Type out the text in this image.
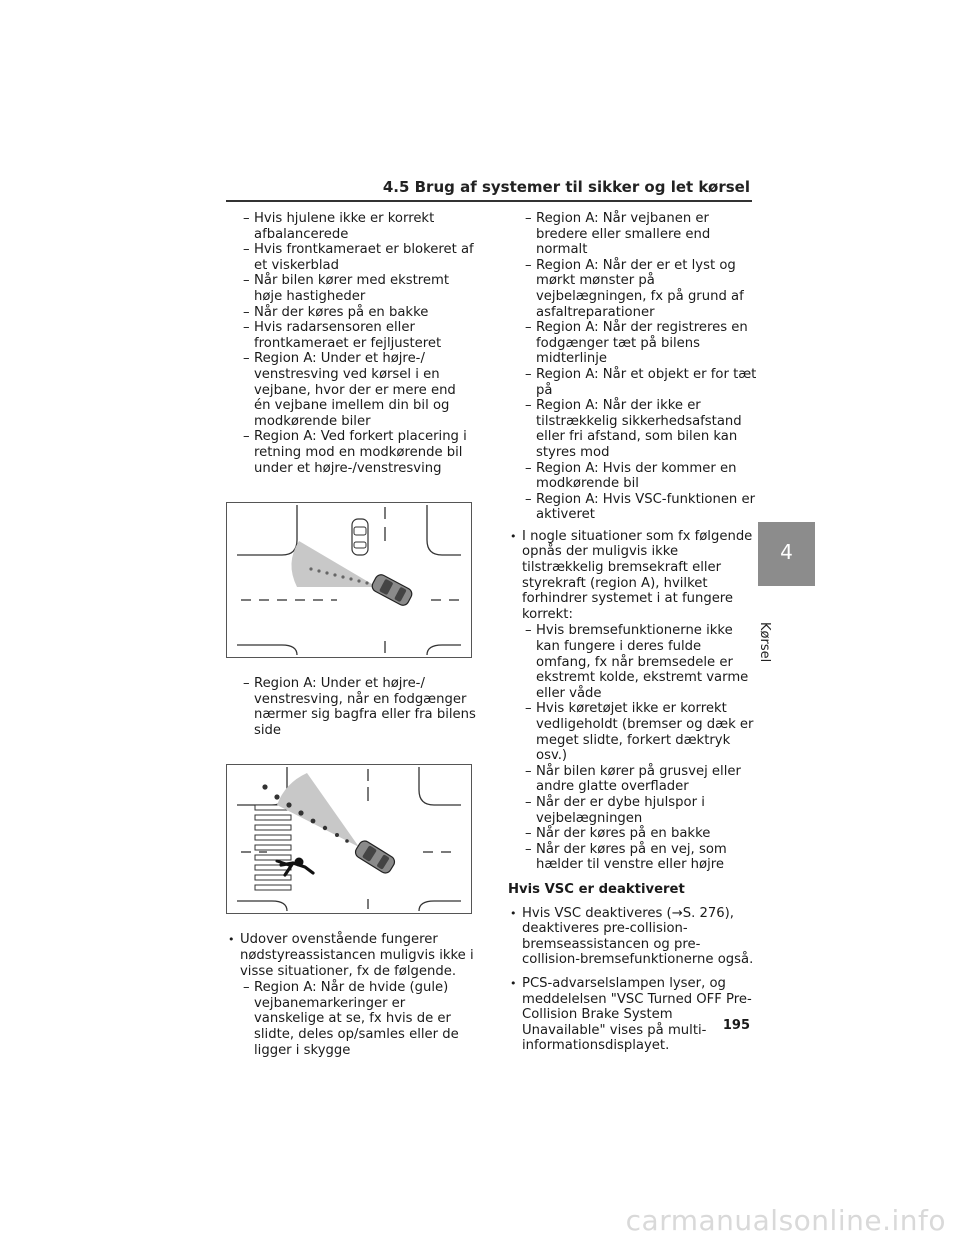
4.5 Brug af systemer til sikker og let kørsel

– Hvis hjulene ikke er korrekt afbalancerede

– Hvis frontkameraet er blokeret af et viskerblad

– Når bilen kører med ekstremt høje hastigheder

– Når der køres på en bakke

– Hvis radarsensoren eller frontkameraet er fejljusteret

– Region A: Under et højre-/ venstresving ved kørsel i en vejbane, hvor der er mere end én vejbane imellem din bil og modkørende biler

– Region A: Ved forkert placering i retning mod en modkørende bil under et højre-/venstresving

– Region A: Under et højre-/ venstresving, når en fodgænger nærmer sig bagfra eller fra bilens side

• Udover ovenstående fungerer nødstyreassistancen muligvis ikke i visse situationer, fx de følgende.

– Region A: Når de hvide (gule) vejbanemarkeringer er vanskelige at se, fx hvis de er slidte, deles op/samles eller de ligger i skygge

– Region A: Når vejbanen er bredere eller smallere end normalt

– Region A: Når der er et lyst og mørkt mønster på vejbelægningen, fx på grund af asfaltreparationer

– Region A: Når der registreres en fodgænger tæt på bilens midterlinje

– Region A: Når et objekt er for tæt på

– Region A: Når der ikke er tilstrækkelig sikkerhedsafstand eller fri afstand, som bilen kan styres mod

– Region A: Hvis der kommer en modkørende bil

– Region A: Hvis VSC-funktionen er aktiveret

• I nogle situationer som fx følgende opnås der muligvis ikke tilstrækkelig bremsekraft eller styrekraft (region A), hvilket forhindrer systemet i at fungere korrekt:

– Hvis bremsefunktionerne ikke kan fungere i deres fulde omfang, fx når bremsedele er ekstremt kolde, ekstremt varme eller våde

– Hvis køretøjet ikke er korrekt vedligeholdt (bremser og dæk er meget slidte, forkert dæktryk osv.)

– Når bilen kører på grusvej eller andre glatte overflader

– Når der er dybe hjulspor i vejbelægningen

– Når der køres på en bakke

– Når der køres på en vej, som hælder til venstre eller højre

Hvis VSC er deaktiveret

• Hvis VSC deaktiveres (→S. 276), deaktiveres pre-collision-bremseassistancen og pre-collision-bremsefunktionerne også.

• PCS-advarselslampen lyser, og meddelelsen "VSC Turned OFF Pre-Collision Brake System Unavailable" vises på multi-informationsdisplayet.

4
Kørsel
195
carmanualsonline.info
